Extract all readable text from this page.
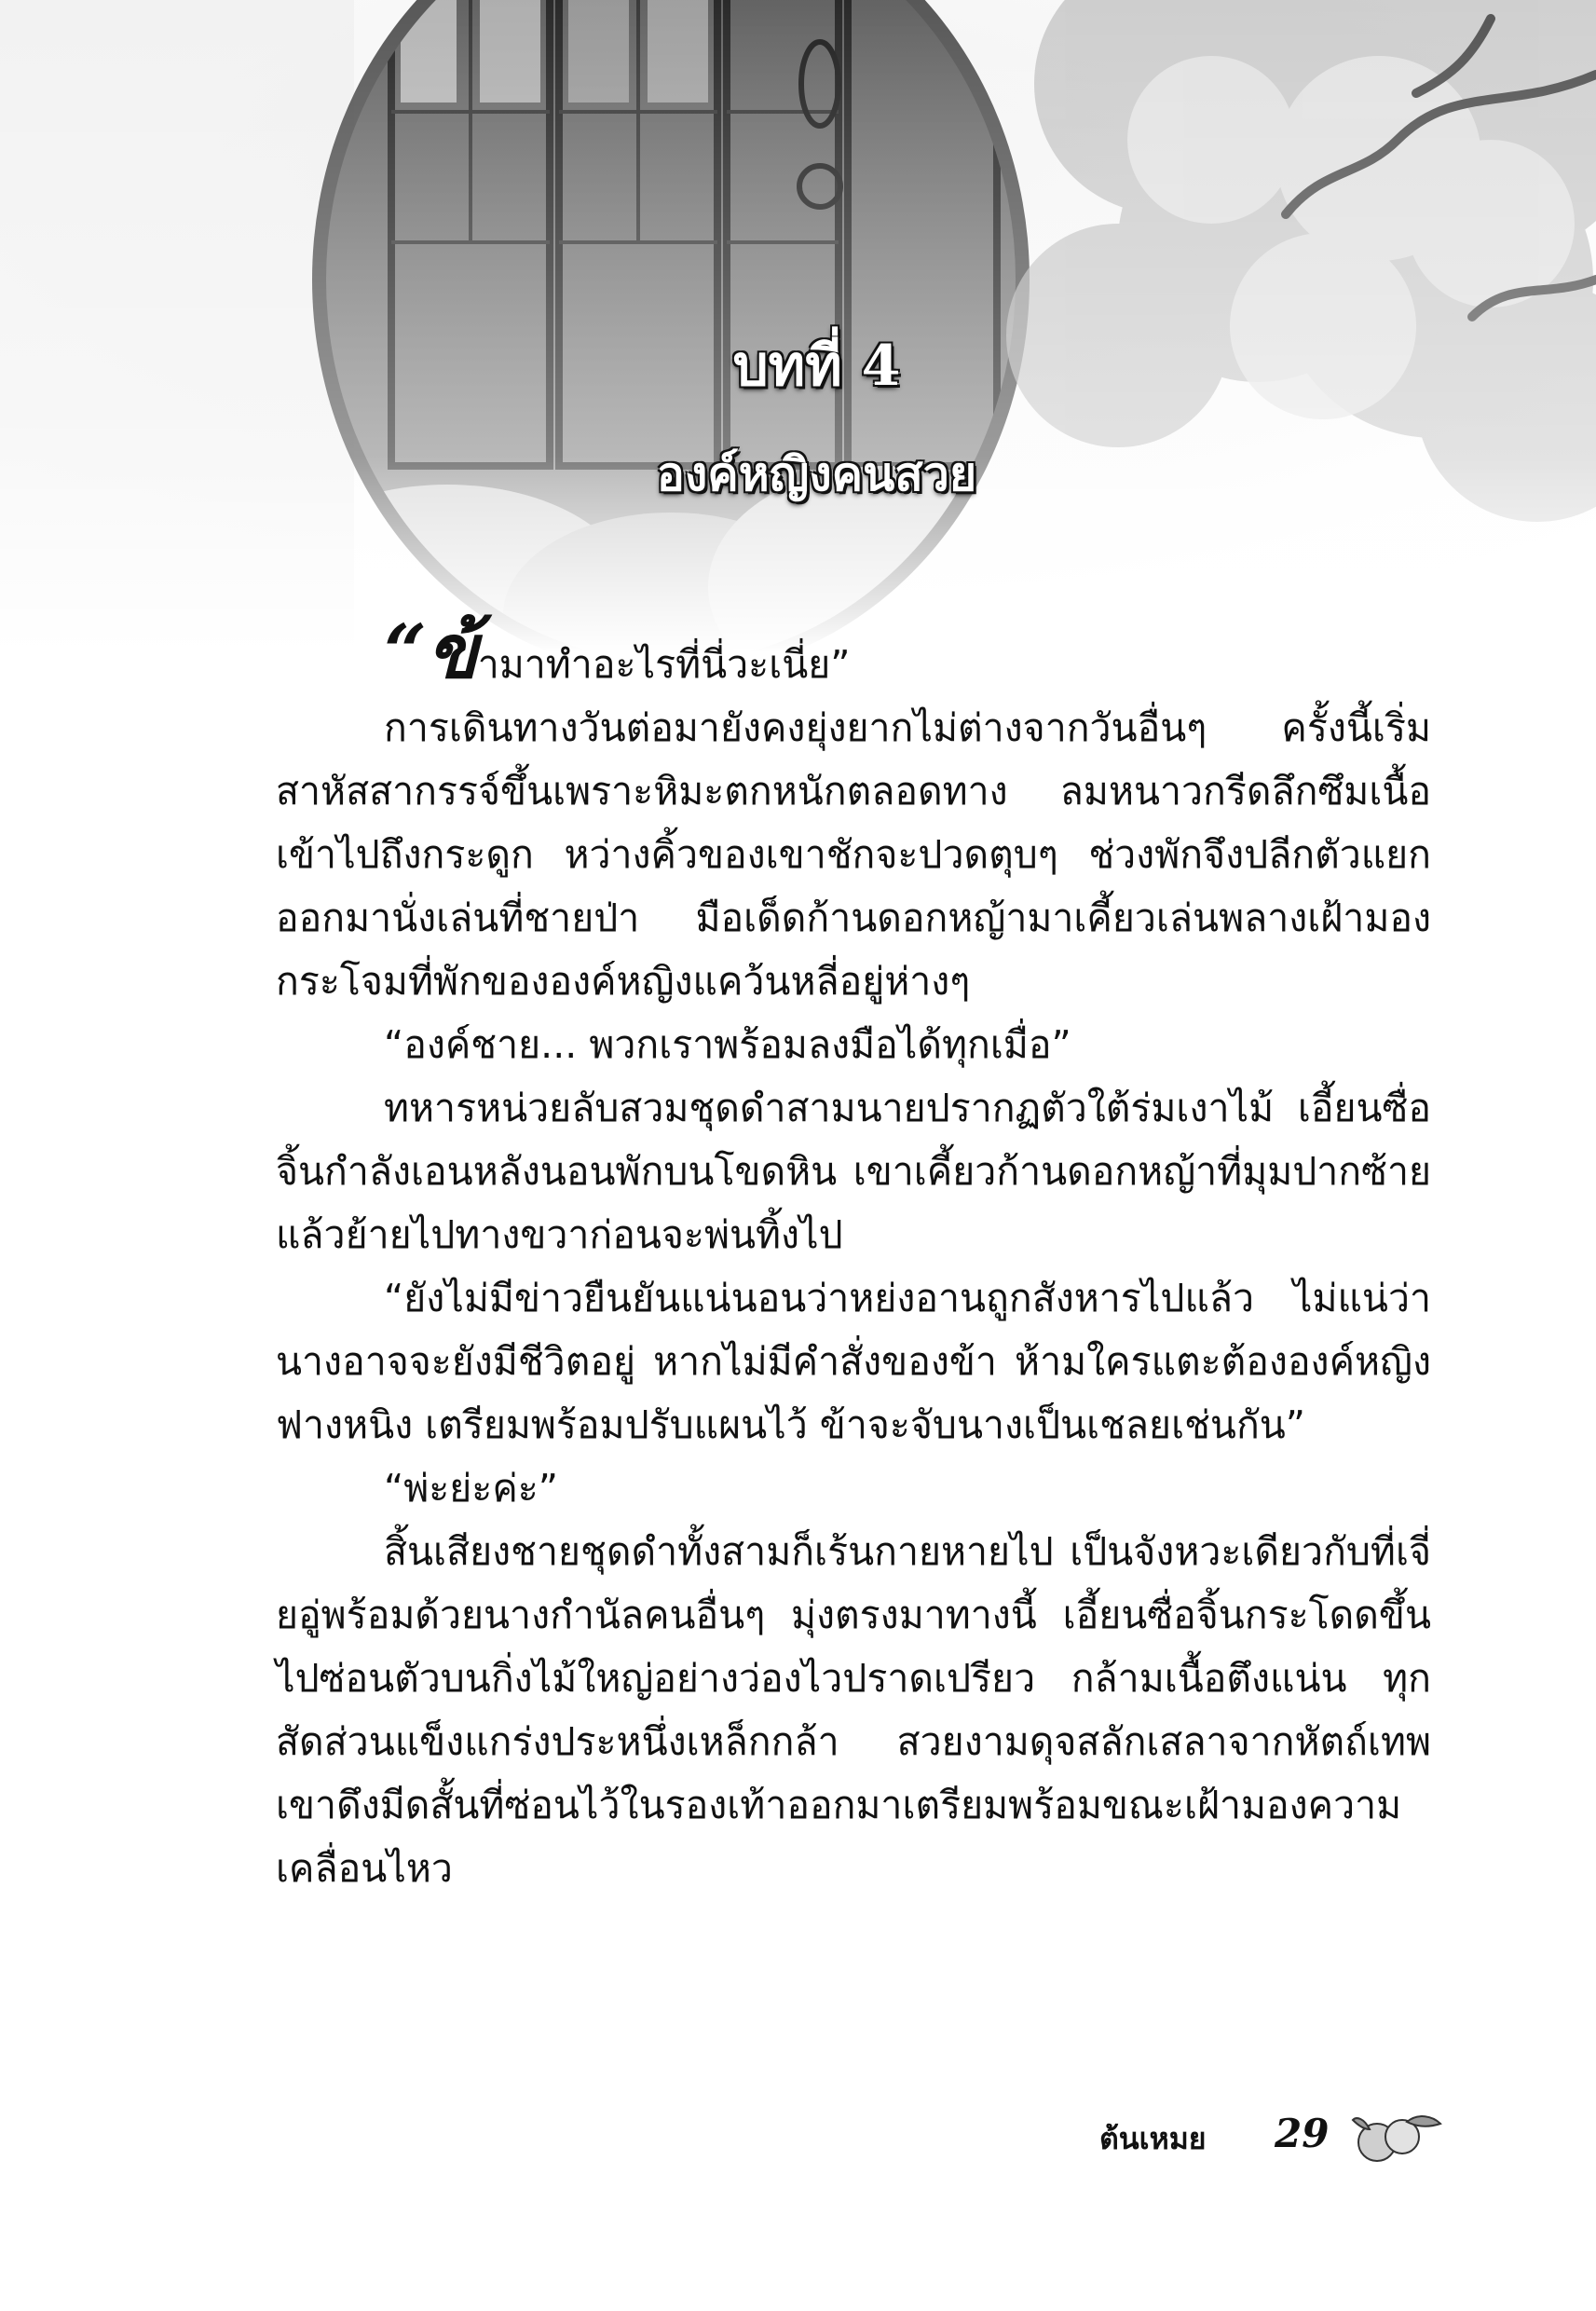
บทที่ 4
องค์หญิงคนสวย

“ข้ามาทำอะไรที่นี่วะเนี่ย”

การเดินทางวันต่อมายังคงยุ่งยากไม่ต่างจากวันอื่นๆ ครั้งนี้เริ่มสาหัสสากรรจ์ขึ้นเพราะหิมะตกหนักตลอดทาง ลมหนาวกรีดลึกซึมเนื้อเข้าไปถึงกระดูก หว่างคิ้วของเขาชักจะปวดตุบๆ ช่วงพักจึงปลีกตัวแยกออกมานั่งเล่นที่ชายป่า มือเด็ดก้านดอกหญ้ามาเคี้ยวเล่นพลางเฝ้ามองกระโจมที่พักขององค์หญิงแคว้นหลี่อยู่ห่างๆ

“องค์ชาย... พวกเราพร้อมลงมือได้ทุกเมื่อ”

ทหารหน่วยลับสวมชุดดำสามนายปรากฏตัวใต้ร่มเงาไม้ เอี้ยนซื่อจิ้นกำลังเอนหลังนอนพักบนโขดหิน เขาเคี้ยวก้านดอกหญ้าที่มุมปากซ้ายแล้วย้ายไปทางขวาก่อนจะพ่นทิ้งไป

“ยังไม่มีข่าวยืนยันแน่นอนว่าหย่งอานถูกสังหารไปแล้ว ไม่แน่ว่านางอาจจะยังมีชีวิตอยู่ หากไม่มีคำสั่งของข้า ห้ามใครแตะต้ององค์หญิงฟางหนิง เตรียมพร้อมปรับแผนไว้ ข้าจะจับนางเป็นเชลยเช่นกัน”

“พ่ะย่ะค่ะ”

สิ้นเสียงชายชุดดำทั้งสามก็เร้นกายหายไป เป็นจังหวะเดียวกับที่เจี่ยอู่พร้อมด้วยนางกำนัลคนอื่นๆ มุ่งตรงมาทางนี้ เอี้ยนซื่อจิ้นกระโดดขึ้นไปซ่อนตัวบนกิ่งไม้ใหญ่อย่างว่องไวปราดเปรียว กล้ามเนื้อตึงแน่น ทุกสัดส่วนแข็งแกร่งประหนึ่งเหล็กกล้า สวยงามดุจสลักเสลาจากหัตถ์เทพ เขาดึงมีดสั้นที่ซ่อนไว้ในรองเท้าออกมาเตรียมพร้อมขณะเฝ้ามองความเคลื่อนไหว

ต้นเหมย 29
